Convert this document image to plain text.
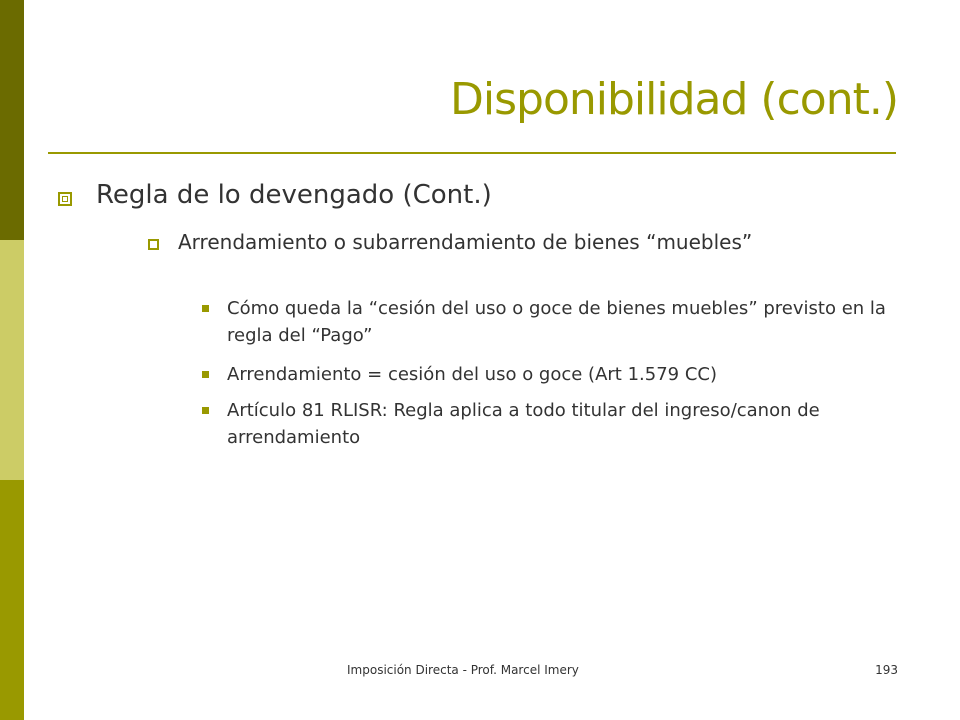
Disponibilidad (cont.)
Regla de lo devengado (Cont.)
Arrendamiento o subarrendamiento de bienes “muebles”
Cómo queda la “cesión del uso o goce de bienes muebles” previsto en la regla del “Pago”
Arrendamiento = cesión del uso o goce (Art 1.579 CC)
Artículo 81 RLISR: Regla aplica a todo titular del ingreso/canon de arrendamiento
Imposición Directa - Prof. Marcel Imery	193
